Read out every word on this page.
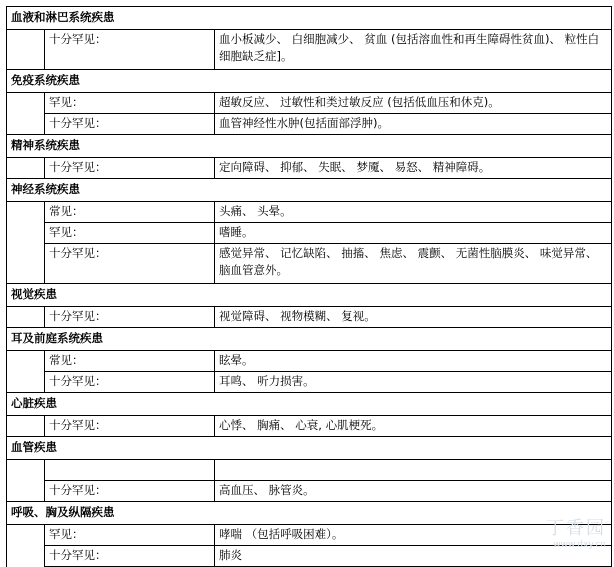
血液和淋巴系统疾患		
	十分罕见：	血小板减少、 白细胞减少、 贫血 (包括溶血性和再生障碍性贫血)、 粒性白细胞缺乏症]。
免疫系统疾患		
	罕见：	超敏反应、 过敏性和类过敏反应 (包括低血压和休克)。
	十分罕见：	血管神经性水肿(包括面部浮肿)。
精神系统疾患		
	十分罕见：	定向障碍、 抑郁、 失眠、 梦魇、 易怒、 精神障碍。
神经系统疾患		
	常见：	头痛、 头晕。
	罕见：	嗜睡。
	十分罕见：	感觉异常、 记忆缺陷、 抽搐、 焦虑、 震颤、 无菌性脑膜炎、 味觉异常、 脑血管意外。
视觉疾患		
	十分罕见：	视觉障碍、 视物模糊、 复视。
耳及前庭系统疾患		
	常见：	眩晕。
	十分罕见：	耳鸣、 听力损害。
心脏疾患		
	十分罕见：	心悸、 胸痛、 心衰, 心肌梗死。
血管疾患		

	十分罕见：	高血压、 脉管炎。
呼吸、胸及纵隔疾患		
	罕见：	哮喘 （包括呼吸困难）。
	十分罕见：	肺炎
丁香园
www.dxy.cn
